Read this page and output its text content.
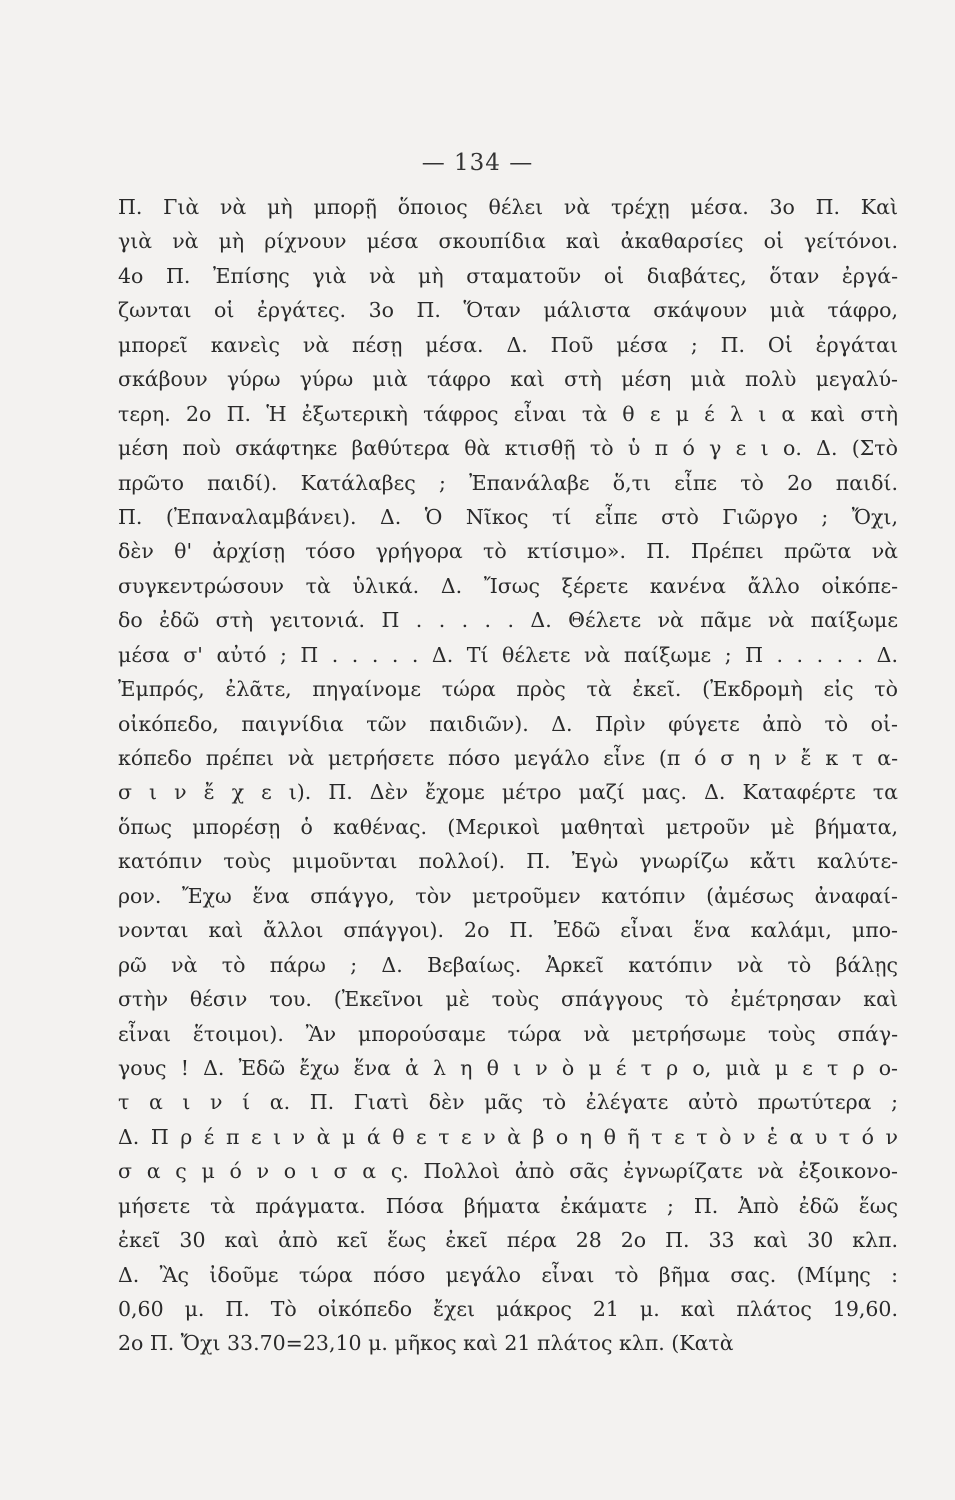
— 134 —
Π. Γιὰ νὰ μὴ μπορῇ ὅποιος θέλει νὰ τρέχῃ μέσα. 3ο Π. Καὶ
γιὰ νὰ μὴ ρίχνουν μέσα σκουπίδια καὶ ἀκαθαρσίες οἱ γείτόνοι.
4ο Π. Ἐπίσης γιὰ νὰ μὴ σταματοῦν οἱ διαβάτες, ὅταν ἐργά-
ζωνται οἱ ἐργάτες. 3ο Π. Ὅταν μάλιστα σκάψουν μιὰ τάφρο,
μπορεῖ κανεὶς νὰ πέσῃ μέσα. Δ. Ποῦ μέσα ; Π. Οἱ ἐργάται
σκάβουν γύρω γύρω μιὰ τάφρο καὶ στὴ μέση μιὰ πολὺ μεγαλύ-
τερη. 2ο Π. Ἡ ἐξωτερικὴ τάφρος εἶναι τὰ θ ε μ έ λ ι α καὶ στὴ
μέση ποὺ σκάφτηκε βαθύτερα θὰ κτισθῇ τὸ ὑ π ό γ ε ι ο. Δ. (Στὸ
πρῶτο παιδί). Κατάλαβες ; Ἐπανάλαβε ὅ,τι εἶπε τὸ 2ο παιδί.
Π. (Ἐπαναλαμβάνει). Δ. Ὁ Νῖκος τί εἶπε στὸ Γιῶργο ; Ὄχι,
δὲν θ' ἀρχίσῃ τόσο γρήγορα τὸ κτίσιμο». Π. Πρέπει πρῶτα νὰ
συγκεντρώσουν τὰ ὑλικά. Δ. Ἴσως ξέρετε κανένα ἄλλο οἰκόπε-
δο ἐδῶ στὴ γειτονιά. Π . . . . . Δ. Θέλετε νὰ πᾶμε νὰ παίξωμε
μέσα σ' αὐτό ; Π . . . . . Δ. Τί θέλετε νὰ παίξωμε ; Π . . . . . Δ.
Ἐμπρός, ἐλᾶτε, πηγαίνομε τώρα πρὸς τὰ ἐκεῖ. (Ἐκδρομὴ εἰς τὸ
οἰκόπεδο, παιγνίδια τῶν παιδιῶν). Δ. Πρὶν φύγετε ἀπὸ τὸ οἰ-
κόπεδο πρέπει νὰ μετρήσετε πόσο μεγάλο εἶνε (π ό σ η ν ἔ κ τ α-
σ ι ν ἔ χ ε ι). Π. Δὲν ἔχομε μέτρο μαζί μας. Δ. Καταφέρτε τα
ὅπως μπορέσῃ ὁ καθένας. (Μερικοὶ μαθηταὶ μετροῦν μὲ βήματα,
κατόπιν τοὺς μιμοῦνται πολλοί). Π. Ἐγὼ γνωρίζω κἄτι καλύτε-
ρον. Ἔχω ἕνα σπάγγο, τὸν μετροῦμεν κατόπιν (ἀμέσως ἀναφαί-
νονται καὶ ἄλλοι σπάγγοι). 2ο Π. Ἐδῶ εἶναι ἕνα καλάμι, μπο-
ρῶ νὰ τὸ πάρω ; Δ. Βεβαίως. Ἀρκεῖ κατόπιν νὰ τὸ βάλῃς
στὴν θέσιν του. (Ἐκεῖνοι μὲ τοὺς σπάγγους τὸ ἐμέτρησαν καὶ
εἶναι ἕτοιμοι). Ἂν μπορούσαμε τώρα νὰ μετρήσωμε τοὺς σπάγ-
γους ! Δ. Ἐδῶ ἔχω ἕνα ἀ λ η θ ι ν ὸ μ έ τ ρ ο, μιὰ μ ε τ ρ ο-
τ α ι ν ί α. Π. Γιατὶ δὲν μᾶς τὸ ἐλέγατε αὐτὸ πρωτύτερα ;
Δ. Π ρ έ π ε ι ν ὰ μ ά θ ε τ ε ν ὰ β ο η θ ῆ τ ε τ ὸ ν ἑ α υ τ ό ν
σ α ς μ ό ν ο ι σ α ς. Πολλοὶ ἀπὸ σᾶς ἐγνωρίζατε νὰ ἐξοικονο-
μήσετε τὰ πράγματα. Πόσα βήματα ἐκάματε ; Π. Ἀπὸ ἐδῶ ἕως
ἐκεῖ 30 καὶ ἀπὸ κεῖ ἕως ἐκεῖ πέρα 28 2ο Π. 33 καὶ 30 κλπ.
Δ. Ἂς ἰδοῦμε τώρα πόσο μεγάλο εἶναι τὸ βῆμα σας. (Μίμης :
0,60 μ. Π. Τὸ οἰκόπεδο ἔχει μάκρος 21 μ. καὶ πλάτος 19,60.
2ο Π. Ὄχι 33.70=23,10 μ. μῆκος καὶ 21 πλάτος κλπ. (Κατὰ
